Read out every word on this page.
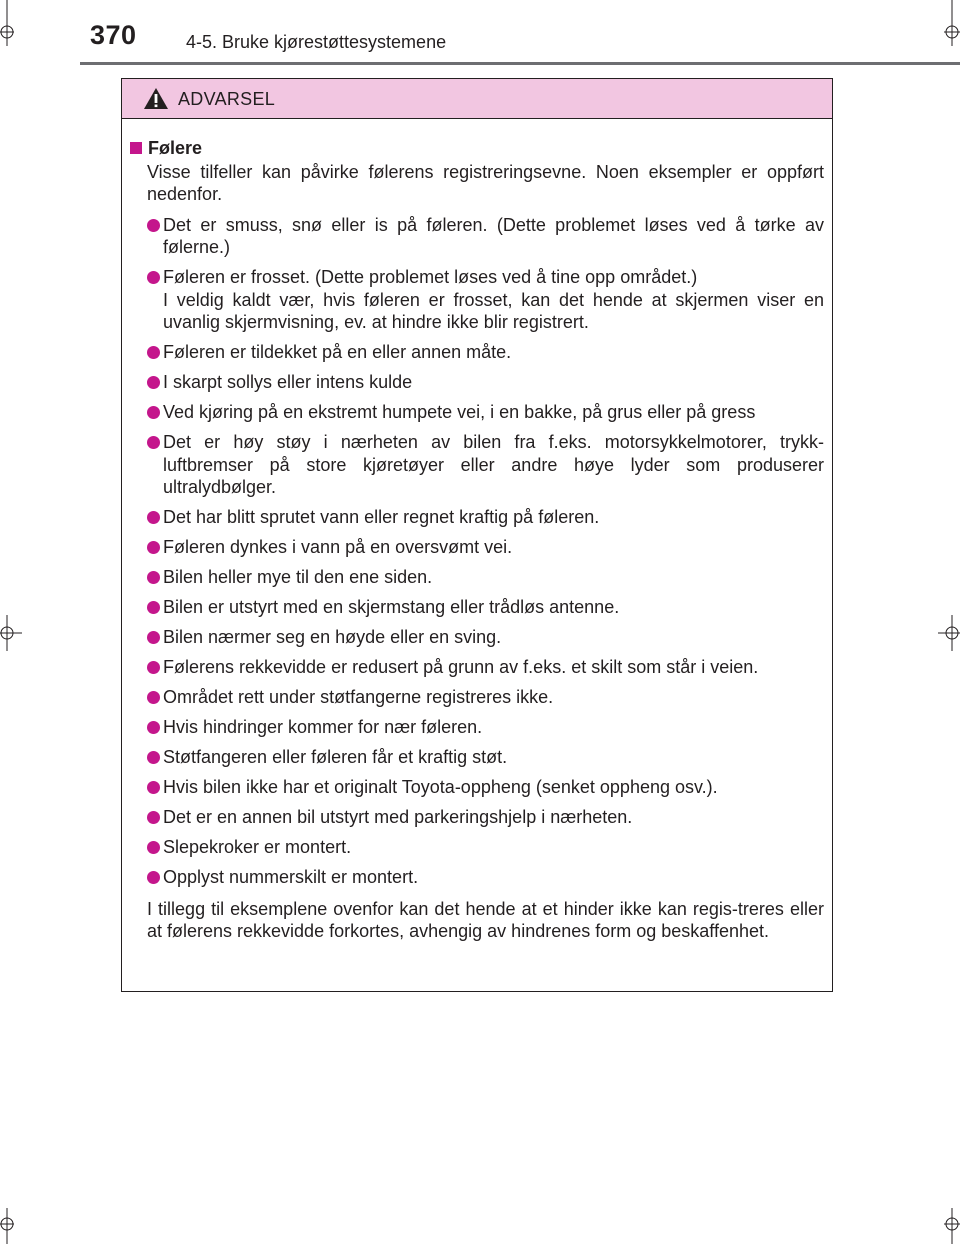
370	4-5. Bruke kjørestøttesystemene
ADVARSEL
Følere
Visse tilfeller kan påvirke følerens registreringsevne. Noen eksempler er oppført nedenfor.
Det er smuss, snø eller is på føleren. (Dette problemet løses ved å tørke av følerne.)
Føleren er frosset. (Dette problemet løses ved å tine opp området.)
I veldig kaldt vær, hvis føleren er frosset, kan det hende at skjermen viser en uvanlig skjermvisning, ev. at hindre ikke blir registrert.
Føleren er tildekket på en eller annen måte.
I skarpt sollys eller intens kulde
Ved kjøring på en ekstremt humpete vei, i en bakke, på grus eller på gress
Det er høy støy i nærheten av bilen fra f.eks. motorsykkelmotorer, trykk-luftbremser på store kjøretøyer eller andre høye lyder som produserer ultralydbølger.
Det har blitt sprutet vann eller regnet kraftig på føleren.
Føleren dynkes i vann på en oversvømt vei.
Bilen heller mye til den ene siden.
Bilen er utstyrt med en skjermstang eller trådløs antenne.
Bilen nærmer seg en høyde eller en sving.
Følerens rekkevidde er redusert på grunn av f.eks. et skilt som står i veien.
Området rett under støtfangerne registreres ikke.
Hvis hindringer kommer for nær føleren.
Støtfangeren eller føleren får et kraftig støt.
Hvis bilen ikke har et originalt Toyota-oppheng (senket oppheng osv.).
Det er en annen bil utstyrt med parkeringshjelp i nærheten.
Slepekroker er montert.
Opplyst nummerskilt er montert.
I tillegg til eksemplene ovenfor kan det hende at et hinder ikke kan regis-treres eller at følerens rekkevidde forkortes, avhengig av hindrenes form og beskaffenhet.
